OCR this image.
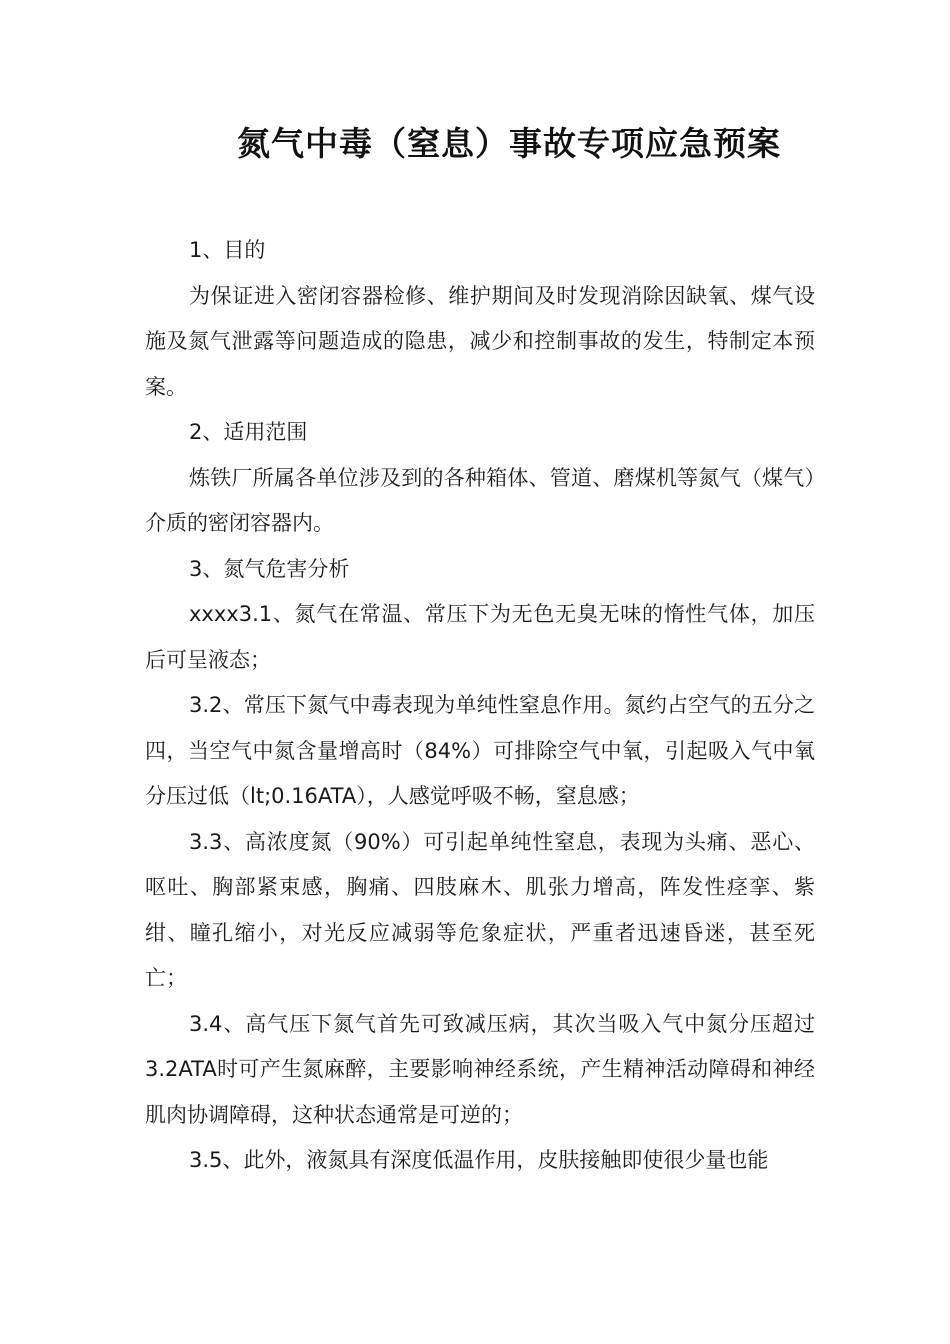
氮气中毒（窒息）事故专项应急预案

1、目的

为保证进入密闭容器检修、维护期间及时发现消除因缺氧、煤气设施及氮气泄露等问题造成的隐患，减少和控制事故的发生，特制定本预案。

2、适用范围

炼铁厂所属各单位涉及到的各种箱体、管道、磨煤机等氮气（煤气）介质的密闭容器内。

3、氮气危害分析

xxxx3.1、氮气在常温、常压下为无色无臭无味的惰性气体，加压后可呈液态；

3.2、常压下氮气中毒表现为单纯性窒息作用。氮约占空气的五分之四，当空气中氮含量增高时（84%）可排除空气中氧，引起吸入气中氧分压过低（lt;0.16ATA），人感觉呼吸不畅，窒息感；

3.3、高浓度氮（90%）可引起单纯性窒息，表现为头痛、恶心、呕吐、胸部紧束感，胸痛、四肢麻木、肌张力增高，阵发性痉挛、紫绀、瞳孔缩小，对光反应减弱等危象症状，严重者迅速昏迷，甚至死亡；

3.4、高气压下氮气首先可致减压病，其次当吸入气中氮分压超过3.2ATA时可产生氮麻醉，主要影响神经系统，产生精神活动障碍和神经肌肉协调障碍，这种状态通常是可逆的；

3.5、此外，液氮具有深度低温作用，皮肤接触即使很少量也能
